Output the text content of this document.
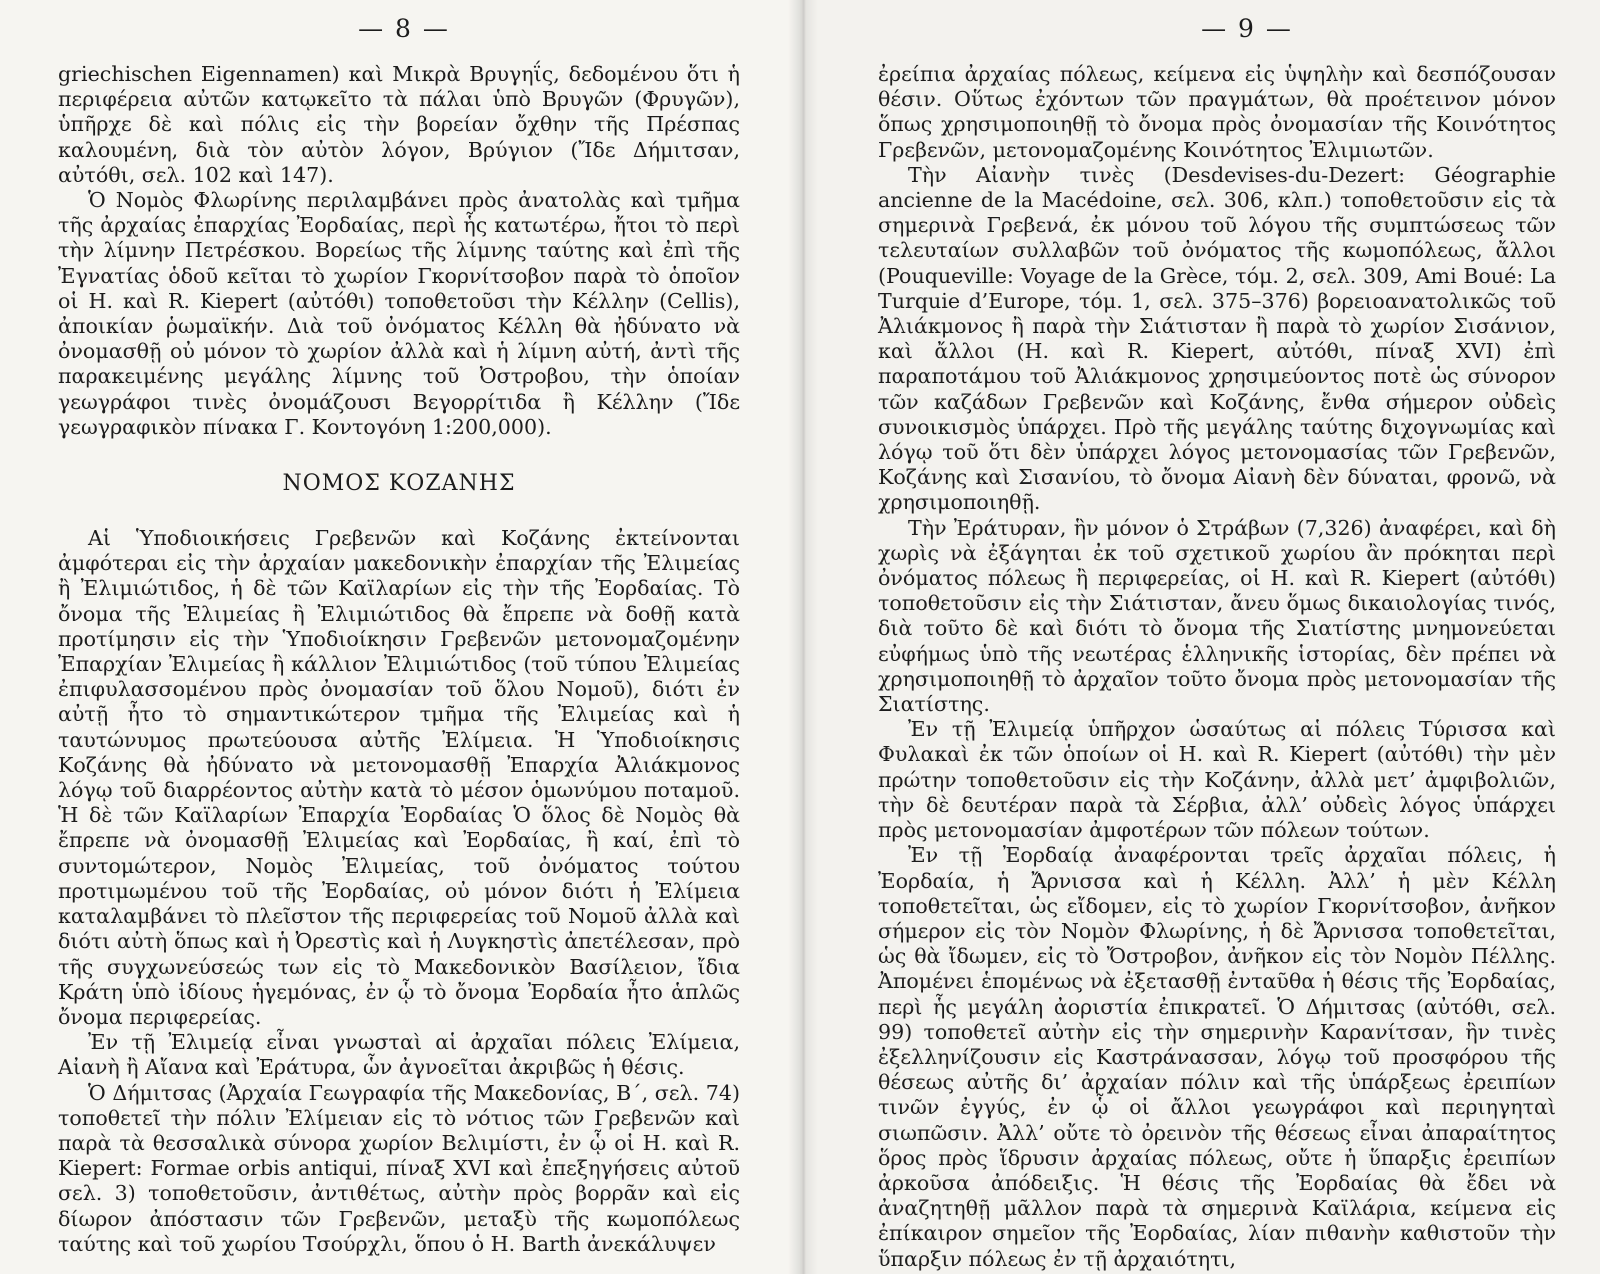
— 8 —

griechischen Eigennamen) καὶ Μικρὰ Βρυγηΐς, δεδομένου ὅτι ἡ περιφέρεια αὐτῶν κατῳκεῖτο τὰ πάλαι ὑπὸ Βρυγῶν (Φρυγῶν), ὑπῆρχε δὲ καὶ πόλις εἰς τὴν βορείαν ὄχθην τῆς Πρέσπας καλουμένη, διὰ τὸν αὐτὸν λόγον, Βρύγιον (Ἴδε Δήμιτσαν, αὐτόθι, σελ. 102 καὶ 147).

Ὁ Νομὸς Φλωρίνης περιλαμβάνει πρὸς ἀνατολὰς καὶ τμῆμα τῆς ἀρχαίας ἐπαρχίας Ἐορδαίας, περὶ ἧς κατωτέρω, ἤτοι τὸ περὶ τὴν λίμνην Πετρέσκου. Βορείως τῆς λίμνης ταύτης καὶ ἐπὶ τῆς Ἐγνατίας ὁδοῦ κεῖται τὸ χωρίον Γκορνίτσοβον παρὰ τὸ ὁποῖον οἱ H. καὶ R. Kiepert (αὐτόθι) τοποθετοῦσι τὴν Κέλλην (Cellis), ἀποικίαν ῥωμαϊκήν. Διὰ τοῦ ὀνόματος Κέλλη θὰ ἠδύνατο νὰ ὀνομασθῇ οὐ μόνον τὸ χωρίον ἀλλὰ καὶ ἡ λίμνη αὐτή, ἀντὶ τῆς παρακειμένης μεγάλης λίμνης τοῦ Ὀστροβου, τὴν ὁποίαν γεωγράφοι τινὲς ὀνομάζουσι Βεγορρίτιδα ἢ Κέλλην (Ἴδε γεωγραφικὸν πίνακα Γ. Κοντογόνη 1:200,000).

ΝΟΜΟΣ ΚΟΖΑΝΗΣ

Αἱ Ὑποδιοικήσεις Γρεβενῶν καὶ Κοζάνης ἐκτείνονται ἀμφότεραι εἰς τὴν ἀρχαίαν μακεδονικὴν ἐπαρχίαν τῆς Ἐλιμείας ἢ Ἐλιμιώτιδος, ἡ δὲ τῶν Καϊλαρίων εἰς τὴν τῆς Ἐορδαίας. Τὸ ὄνομα τῆς Ἐλιμείας ἢ Ἐλιμιώτιδος θὰ ἔπρεπε νὰ δοθῇ κατὰ προτίμησιν εἰς τὴν Ὑποδιοίκησιν Γρεβενῶν μετονομαζομένην Ἐπαρχίαν Ἐλιμείας ἢ κάλλιον Ἐλιμιώτιδος (τοῦ τύπου Ἐλιμείας ἐπιφυλασσομένου πρὸς ὀνομασίαν τοῦ ὅλου Νομοῦ), διότι ἐν αὐτῇ ἦτο τὸ σημαντικώτερον τμῆμα τῆς Ἐλιμείας καὶ ἡ ταυτώνυμος πρωτεύουσα αὐτῆς Ἐλίμεια. Ἡ Ὑποδιοίκησις Κοζάνης θὰ ἠδύνατο νὰ μετονομασθῇ Ἐπαρχία Ἀλιάκμονος λόγῳ τοῦ διαρρέοντος αὐτὴν κατὰ τὸ μέσον ὁμωνύμου ποταμοῦ. Ἡ δὲ τῶν Καϊλαρίων Ἐπαρχία Ἐορδαίας Ὁ ὅλος δὲ Νομὸς θὰ ἔπρεπε νὰ ὀνομασθῇ Ἐλιμείας καὶ Ἐορδαίας, ἢ καί, ἐπὶ τὸ συντομώτερον, Νομὸς Ἐλιμείας, τοῦ ὀνόματος τούτου προτιμωμένου τοῦ τῆς Ἐορδαίας, οὐ μόνον διότι ἡ Ἐλίμεια καταλαμβάνει τὸ πλεῖστον τῆς περιφερείας τοῦ Νομοῦ ἀλλὰ καὶ διότι αὐτὴ ὅπως καὶ ἡ Ὀρεστὶς καὶ ἡ Λυγκηστὶς ἀπετέλεσαν, πρὸ τῆς συγχωνεύσεώς των εἰς τὸ Μακεδονικὸν Βασίλειον, ἴδια Κράτη ὑπὸ ἰδίους ἡγεμόνας, ἐν ᾧ τὸ ὄνομα Ἐορδαία ἦτο ἁπλῶς ὄνομα περιφερείας.

Ἐν τῇ Ἐλιμείᾳ εἶναι γνωσταὶ αἱ ἀρχαῖαι πόλεις Ἐλίμεια, Αἰανὴ ἢ Αἴανα καὶ Ἐράτυρα, ὧν ἀγνοεῖται ἀκριβῶς ἡ θέσις.

Ὁ Δήμιτσας (Ἀρχαία Γεωγραφία τῆς Μακεδονίας, Β΄, σελ. 74) τοποθετεῖ τὴν πόλιν Ἐλίμειαν εἰς τὸ νότιος τῶν Γρεβενῶν καὶ παρὰ τὰ θεσσαλικὰ σύνορα χωρίον Βελιμίστι, ἐν ᾧ οἱ H. καὶ R. Kiepert: Formae orbis antiqui, πίναξ XVI καὶ ἐπεξηγήσεις αὐτοῦ σελ. 3) τοποθετοῦσιν, ἀντιθέτως, αὐτὴν πρὸς βορρᾶν καὶ εἰς δίωρον ἀπόστασιν τῶν Γρεβενῶν, μεταξὺ τῆς κωμοπόλεως ταύτης καὶ τοῦ χωρίου Τσούρχλι, ὅπου ὁ H. Barth ἀνεκάλυψεν

— 9 —

ἐρείπια ἀρχαίας πόλεως, κείμενα εἰς ὑψηλὴν καὶ δεσπόζουσαν θέσιν. Οὕτως ἐχόντων τῶν πραγμάτων, θὰ προέτεινον μόνον ὅπως χρησιμοποιηθῇ τὸ ὄνομα πρὸς ὀνομασίαν τῆς Κοινότητος Γρεβενῶν, μετονομαζομένης Κοινότητος Ἐλιμιωτῶν.

Τὴν Αἰανὴν τινὲς (Desdevises-du-Dezert: Géographie ancienne de la Macédoine, σελ. 306, κλπ.) τοποθετοῦσιν εἰς τὰ σημερινὰ Γρεβενά, ἐκ μόνου τοῦ λόγου τῆς συμπτώσεως τῶν τελευταίων συλλαβῶν τοῦ ὀνόματος τῆς κωμοπόλεως, ἄλλοι (Pouqueville: Voyage de la Grèce, τόμ. 2, σελ. 309, Ami Boué: La Turquie d’Europe, τόμ. 1, σελ. 375–376) βορειοανατολικῶς τοῦ Ἀλιάκμονος ἢ παρὰ τὴν Σιάτισταν ἢ παρὰ τὸ χωρίον Σισάνιον, καὶ ἄλλοι (H. καὶ R. Kiepert, αὐτόθι, πίναξ XVI) ἐπὶ παραποτάμου τοῦ Ἀλιάκμονος χρησιμεύοντος ποτὲ ὡς σύνορον τῶν καζάδων Γρεβενῶν καὶ Κοζάνης, ἔνθα σήμερον οὐδεὶς συνοικισμὸς ὑπάρχει. Πρὸ τῆς μεγάλης ταύτης διχογνωμίας καὶ λόγῳ τοῦ ὅτι δὲν ὑπάρχει λόγος μετονομασίας τῶν Γρεβενῶν, Κοζάνης καὶ Σισανίου, τὸ ὄνομα Αἰανὴ δὲν δύναται, φρονῶ, νὰ χρησιμοποιηθῇ.

Τὴν Ἐράτυραν, ἣν μόνον ὁ Στράβων (7,326) ἀναφέρει, καὶ δὴ χωρὶς νὰ ἐξάγηται ἐκ τοῦ σχετικοῦ χωρίου ἂν πρόκηται περὶ ὀνόματος πόλεως ἢ περιφερείας, οἱ H. καὶ R. Kiepert (αὐτόθι) τοποθετοῦσιν εἰς τὴν Σιάτισταν, ἄνευ ὅμως δικαιολογίας τινός, διὰ τοῦτο δὲ καὶ διότι τὸ ὄνομα τῆς Σιατίστης μνημονεύεται εὐφήμως ὑπὸ τῆς νεωτέρας ἑλληνικῆς ἱστορίας, δὲν πρέπει νὰ χρησιμοποιηθῇ τὸ ἀρχαῖον τοῦτο ὄνομα πρὸς μετονομασίαν τῆς Σιατίστης.

Ἐν τῇ Ἐλιμείᾳ ὑπῆρχον ὡσαύτως αἱ πόλεις Τύρισσα καὶ Φυλακαὶ ἐκ τῶν ὁποίων οἱ H. καὶ R. Kiepert (αὐτόθι) τὴν μὲν πρώτην τοποθετοῦσιν εἰς τὴν Κοζάνην, ἀλλὰ μετ’ ἀμφιβολιῶν, τὴν δὲ δευτέραν παρὰ τὰ Σέρβια, ἀλλ’ οὐδεὶς λόγος ὑπάρχει πρὸς μετονομασίαν ἀμφοτέρων τῶν πόλεων τούτων.

Ἐν τῇ Ἐορδαίᾳ ἀναφέρονται τρεῖς ἀρχαῖαι πόλεις, ἡ Ἐορδαία, ἡ Ἄρνισσα καὶ ἡ Κέλλη. Ἀλλ’ ἡ μὲν Κέλλη τοποθετεῖται, ὡς εἴδομεν, εἰς τὸ χωρίον Γκορνίτσοβον, ἀνῆκον σήμερον εἰς τὸν Νομὸν Φλωρίνης, ἡ δὲ Ἄρνισσα τοποθετεῖται, ὡς θὰ ἴδωμεν, εἰς τὸ Ὄστροβον, ἀνῆκον εἰς τὸν Νομὸν Πέλλης. Ἀπομένει ἑπομένως νὰ ἐξετασθῇ ἐνταῦθα ἡ θέσις τῆς Ἐορδαίας, περὶ ἧς μεγάλη ἀοριστία ἐπικρατεῖ. Ὁ Δήμιτσας (αὐτόθι, σελ. 99) τοποθετεῖ αὐτὴν εἰς τὴν σημερινὴν Καρανίτσαν, ἣν τινὲς ἐξελληνίζουσιν εἰς Καστράνασσαν, λόγῳ τοῦ προσφόρου τῆς θέσεως αὐτῆς δι’ ἀρχαίαν πόλιν καὶ τῆς ὑπάρξεως ἐρειπίων τινῶν ἐγγύς, ἐν ᾧ οἱ ἄλλοι γεωγράφοι καὶ περιηγηταὶ σιωπῶσιν. Ἀλλ’ οὔτε τὸ ὀρεινὸν τῆς θέσεως εἶναι ἀπαραίτητος ὅρος πρὸς ἵδρυσιν ἀρχαίας πόλεως, οὔτε ἡ ὕπαρξις ἐρειπίων ἀρκοῦσα ἀπόδειξις. Ἡ θέσις τῆς Ἐορδαίας θὰ ἔδει νὰ ἀναζητηθῇ μᾶλλον παρὰ τὰ σημερινὰ Καϊλάρια, κείμενα εἰς ἐπίκαιρον σημεῖον τῆς Ἐορδαίας, λίαν πιθανὴν καθιστοῦν τὴν ὕπαρξιν πόλεως ἐν τῇ ἀρχαιότητι,
